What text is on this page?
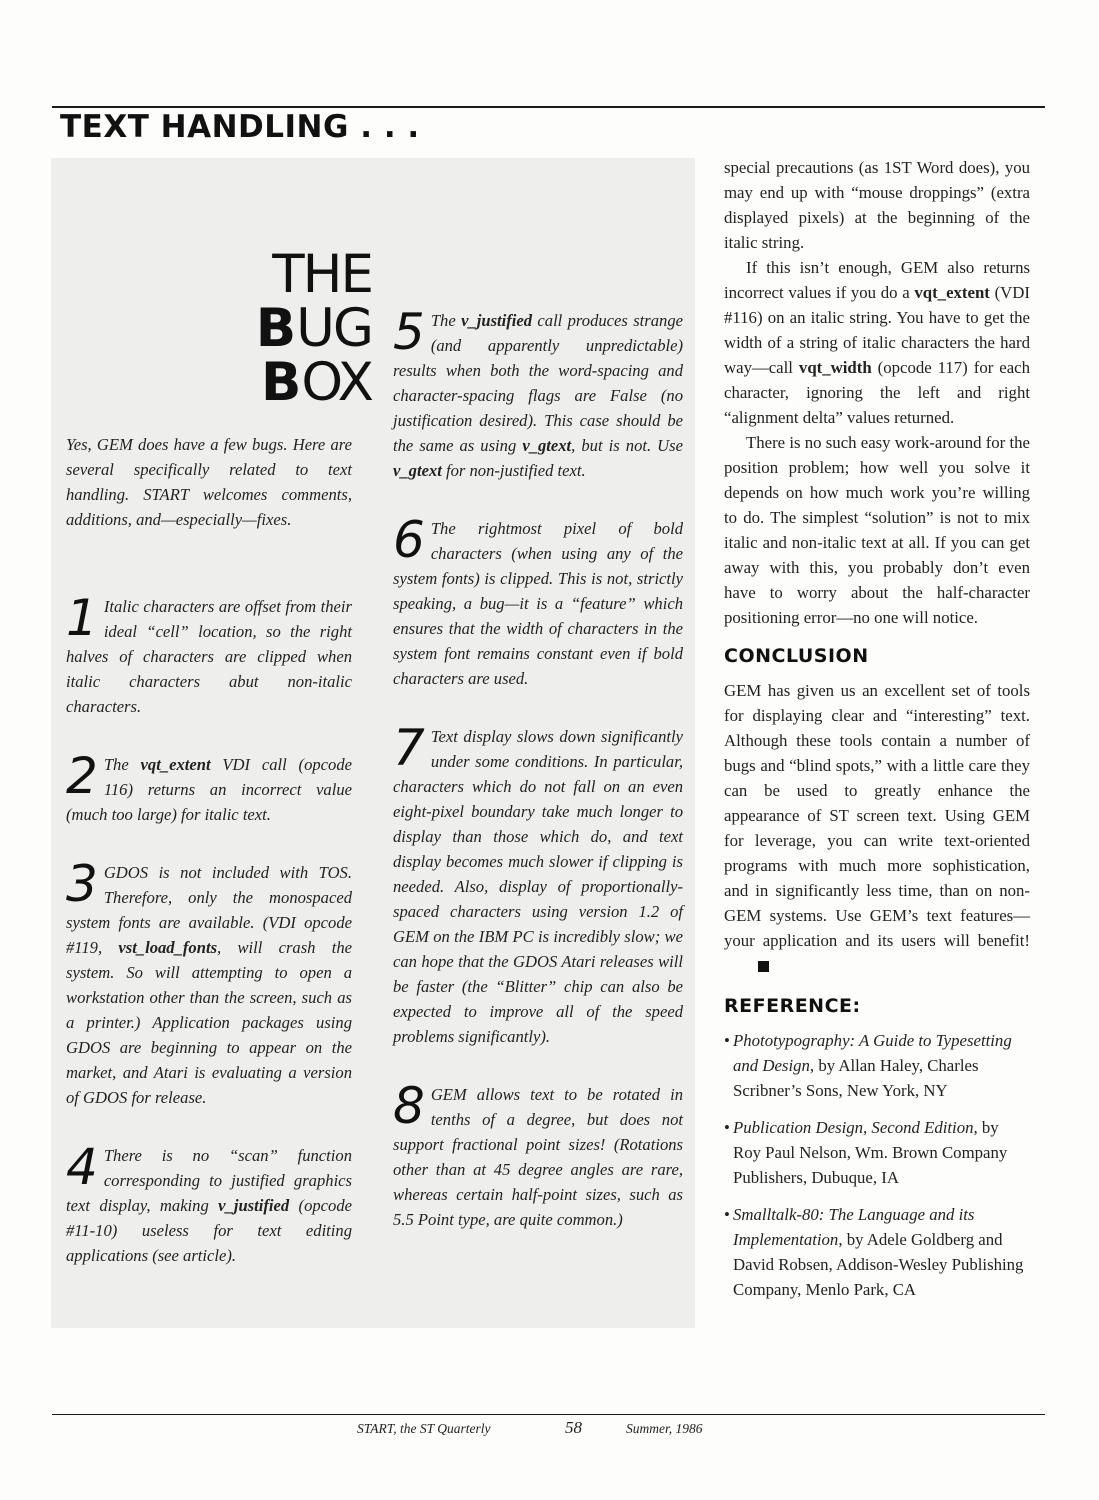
TEXT HANDLING . . .
THE
BUG
BOX

Yes, GEM does have a few bugs. Here are several specifically related to text handling. START welcomes comments, additions, and—especially—fixes.

1 Italic characters are offset from their ideal “cell” location, so the right halves of characters are clipped when italic characters abut non-italic characters.
2 The vqt_extent VDI call (opcode 116) returns an incorrect value (much too large) for italic text.
3 GDOS is not included with TOS. Therefore, only the monospaced system fonts are available. (VDI opcode #119, vst_load_fonts, will crash the system. So will attempting to open a workstation other than the screen, such as a printer.) Application packages using GDOS are beginning to appear on the market, and Atari is evaluating a version of GDOS for release.
4 There is no “scan” function corresponding to justified graphics text display, making v_justified (opcode #11-10) useless for text editing applications (see article).
5 The v_justified call produces strange (and apparently unpredictable) results when both the word-spacing and character-spacing flags are False (no justification desired). This case should be the same as using v_gtext, but is not. Use v_gtext for non-justified text.
6 The rightmost pixel of bold characters (when using any of the system fonts) is clipped. This is not, strictly speaking, a bug—it is a “feature” which ensures that the width of characters in the system font remains constant even if bold characters are used.
7 Text display slows down significantly under some conditions. In particular, characters which do not fall on an even eight-pixel boundary take much longer to display than those which do, and text display becomes much slower if clipping is needed. Also, display of proportionally-spaced characters using version 1.2 of GEM on the IBM PC is incredibly slow; we can hope that the GDOS Atari releases will be faster (the “Blitter” chip can also be expected to improve all of the speed problems significantly).
8 GEM allows text to be rotated in tenths of a degree, but does not support fractional point sizes! (Rotations other than at 45 degree angles are rare, whereas certain half-point sizes, such as 5.5 Point type, are quite common.)

special precautions (as 1ST Word does), you may end up with “mouse droppings” (extra displayed pixels) at the beginning of the italic string.

If this isn’t enough, GEM also returns incorrect values if you do a vqt_extent (VDI #116) on an italic string. You have to get the width of a string of italic characters the hard way—call vqt_width (opcode 117) for each character, ignoring the left and right “alignment delta” values returned.

There is no such easy work-around for the position problem; how well you solve it depends on how much work you’re willing to do. The simplest “solution” is not to mix italic and non-italic text at all. If you can get away with this, you probably don’t even have to worry about the half-character positioning error—no one will notice.

CONCLUSION

GEM has given us an excellent set of tools for displaying clear and “interesting” text. Although these tools contain a number of bugs and “blind spots,” with a little care they can be used to greatly enhance the appearance of ST screen text. Using GEM for leverage, you can write text-oriented programs with much more sophistication, and in significantly less time, than on non-GEM systems. Use GEM’s text features—your application and its users will benefit!

REFERENCE:
• Phototypography: A Guide to Typesetting and Design, by Allan Haley, Charles Scribner’s Sons, New York, NY
• Publication Design, Second Edition, by Roy Paul Nelson, Wm. Brown Company Publishers, Dubuque, IA
• Smalltalk-80: The Language and its Implementation, by Adele Goldberg and David Robsen, Addison-Wesley Publishing Company, Menlo Park, CA
START, the ST Quarterly	58	Summer, 1986
